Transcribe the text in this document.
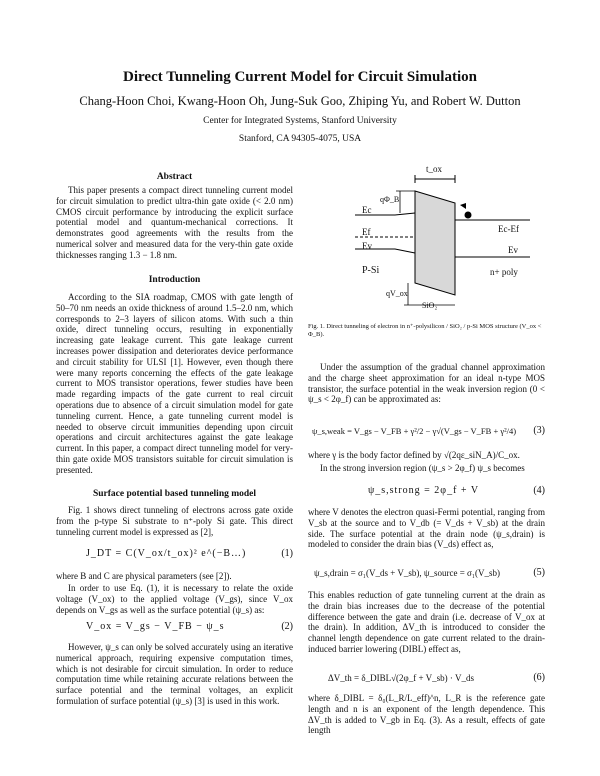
Direct Tunneling Current Model for Circuit Simulation
Chang-Hoon Choi, Kwang-Hoon Oh, Jung-Suk Goo, Zhiping Yu, and Robert W. Dutton
Center for Integrated Systems, Stanford University
Stanford, CA 94305-4075, USA
Abstract
This paper presents a compact direct tunneling current model for circuit simulation to predict ultra-thin gate oxide (< 2.0 nm) CMOS circuit performance by introducing the explicit surface potential model and quantum-mechanical corrections. It demonstrates good agreements with the results from the numerical solver and measured data for the very-thin gate oxide thicknesses ranging 1.3 − 1.8 nm.
Introduction
According to the SIA roadmap, CMOS with gate length of 50–70 nm needs an oxide thickness of around 1.5–2.0 nm, which corresponds to 2–3 layers of silicon atoms. With such a thin oxide, direct tunneling occurs, resulting in exponentially increasing gate leakage current. This gate leakage current increases power dissipation and deteriorates device performance and circuit stability for ULSI [1]. However, even though there were many reports concerning the effects of the gate leakage current to MOS transistor operations, fewer studies have been made regarding impacts of the gate current to real circuit operations due to absence of a circuit simulation model for gate tunneling current. Hence, a gate tunneling current model is needed to observe circuit immunities depending upon circuit operations and circuit architectures against the gate leakage current. In this paper, a compact direct tunneling model for very-thin gate oxide MOS transistors suitable for circuit simulation is presented.
Surface potential based tunneling model
Fig. 1 shows direct tunneling of electrons across gate oxide from the p-type Si substrate to n⁺-poly Si gate. This direct tunneling current model is expressed as [2],
J_DT = C(V_ox/t_ox)² e^(−B…)	(1)
where B and C are physical parameters (see [2]).
In order to use Eq. (1), it is necessary to relate the oxide voltage (V_ox) to the applied voltage (V_gs), since V_ox depends on V_gs as well as the surface potential (ψ_s) as:
V_ox = V_gs − V_FB − ψ_s	(2)
However, ψ_s can only be solved accurately using an iterative numerical approach, requiring expensive computation times, which is not desirable for circuit simulation. In order to reduce computation time while retaining accurate relations between the surface potential and the terminal voltages, an explicit formulation of surface potential (ψ_s) [3] is used in this work.
t_ox
qΦ_B
Ec
Ef
Ev
P-Si
Ec-Ef
Ev
n+ poly
qV_ox
SiO₂
Fig. 1. Direct tunneling of electron in n⁺-polysilicon / SiO₂ / p-Si MOS structure (V_ox < Φ_B).
Under the assumption of the gradual channel approximation and the charge sheet approximation for an ideal n-type MOS transistor, the surface potential in the weak inversion region (0 < ψ_s < 2φ_f) can be approximated as:
ψ_s,weak = V_gs − V_FB + γ²/2 − γ√(V_gs − V_FB + γ²/4) (3)
where γ is the body factor defined by √(2qε_siN_A)/C_ox.
In the strong inversion region (ψ_s > 2φ_f) ψ_s becomes
ψ_s,strong = 2φ_f + V	(4)
where V denotes the electron quasi-Fermi potential, ranging from V_sb at the source and to V_db (= V_ds + V_sb) at the drain side. The surface potential at the drain node (ψ_s,drain) is modeled to consider the drain bias (V_ds) effect as,
ψ_s,drain = σ₁(V_ds + V_sb), ψ_source = σ₁(V_sb)	(5)
This enables reduction of gate tunneling current at the drain as the drain bias increases due to the decrease of the potential difference between the gate and drain (i.e. decrease of V_ox at the drain). In addition, ΔV_th is introduced to consider the channel length dependence on gate current related to the drain-induced barrier lowering (DIBL) effect as,
ΔV_th = δ_DIBL√(2φ_f + V_sb) · V_ds	(6)
where δ_DIBL = δ₀(L_R/L_eff)^n, L_R is the reference gate length and n is an exponent of the length dependence. This ΔV_th is added to V_gb in Eq. (3). As a result, effects of gate length
